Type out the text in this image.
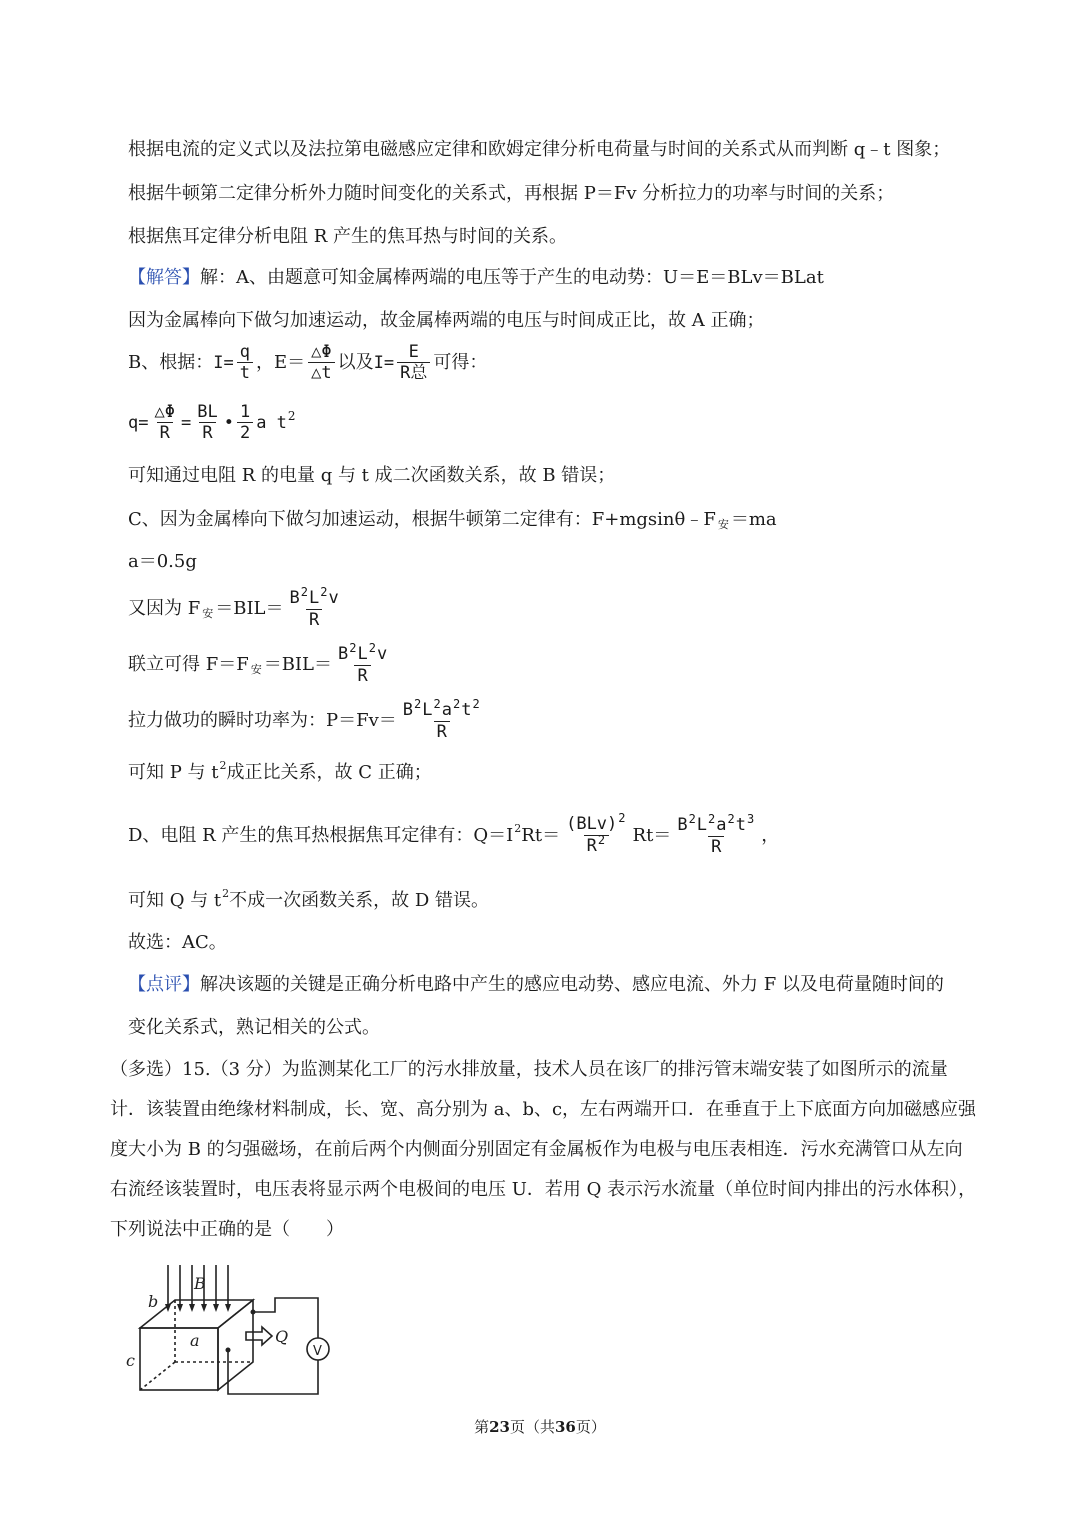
根据电流的定义式以及法拉第电磁感应定律和欧姆定律分析电荷量与时间的关系式从而判断 q﹣t 图象；
根据牛顿第二定律分析外力随时间变化的关系式，再根据 P＝Fv 分析拉力的功率与时间的关系；
根据焦耳定律分析电阻 R 产生的焦耳热与时间的关系。
【解答】 解：A、由题意可知金属棒两端的电压等于产生的电动势：U＝E＝BLv＝BLat
因为金属棒向下做匀加速运动，故金属棒两端的电压与时间成正比，故 A 正确；
B、根据： $I= \frac{q}{t}$ ，$E= \frac{\triangle\Phi}{\triangle t}$ 以及 $I= \frac{E}{\text{R总}}$ 可得：
$q= \frac{\triangle\Phi}{R} = \frac{BL}{R}$ • $\frac{1}{2}$ a t 2
可知通过电阻 R 的电量 q 与 t 成二次函数关系，故 B 错误；
C、因为金属棒向下做匀加速运动，根据牛顿第二定律有：F+mgsinθ﹣F 安 ＝ma
a＝0.5g
又因为 F 安 $=BIL= \frac{B^2L^2v}{R}$
联立可得 F＝F 安 $=BIL= \frac{B^2L^2v}{R}$
拉力做功的瞬时功率为：$P=Fv= \frac{B^2L^2a^2t^2}{R}$
可知 P 与 t 2 成正比关系，故 C 正确；
D、电阻 R 产生的焦耳热根据焦耳定律有：Q＝I 2 $Rt= \frac{(BLv)^2}{R^2} Rt= \frac{B^2L^2a^2t^3}{R}$ ，
可知 Q 与 t 2 不成一次函数关系，故 D 错误。
故选：AC。
【点评】 解决该题的关键是正确分析电路中产生的感应电动势、感应电流、外力 F 以及电荷量随时间的
变化关系式，熟记相关的公式。
（多选）15.（3 分）为监测某化工厂的污水排放量，技术人员在该厂的排污管末端安装了如图所示的流量计．该装置由绝缘材料制成，长、宽、高分别为 a、b、c，左右两端开口．在垂直于上下底面方向加磁感应强度大小为 B 的匀强磁场，在前后两个内侧面分别固定有金属板作为电极与电压表相连．污水充满管口从左向右流经该装置时，电压表将显示两个电极间的电压 U．若用 Q 表示污水流量（单位时间内排出的污水体积），下列说法中正确的是（　　）
b
B
a
c
Q
V
第23页（共36页）
